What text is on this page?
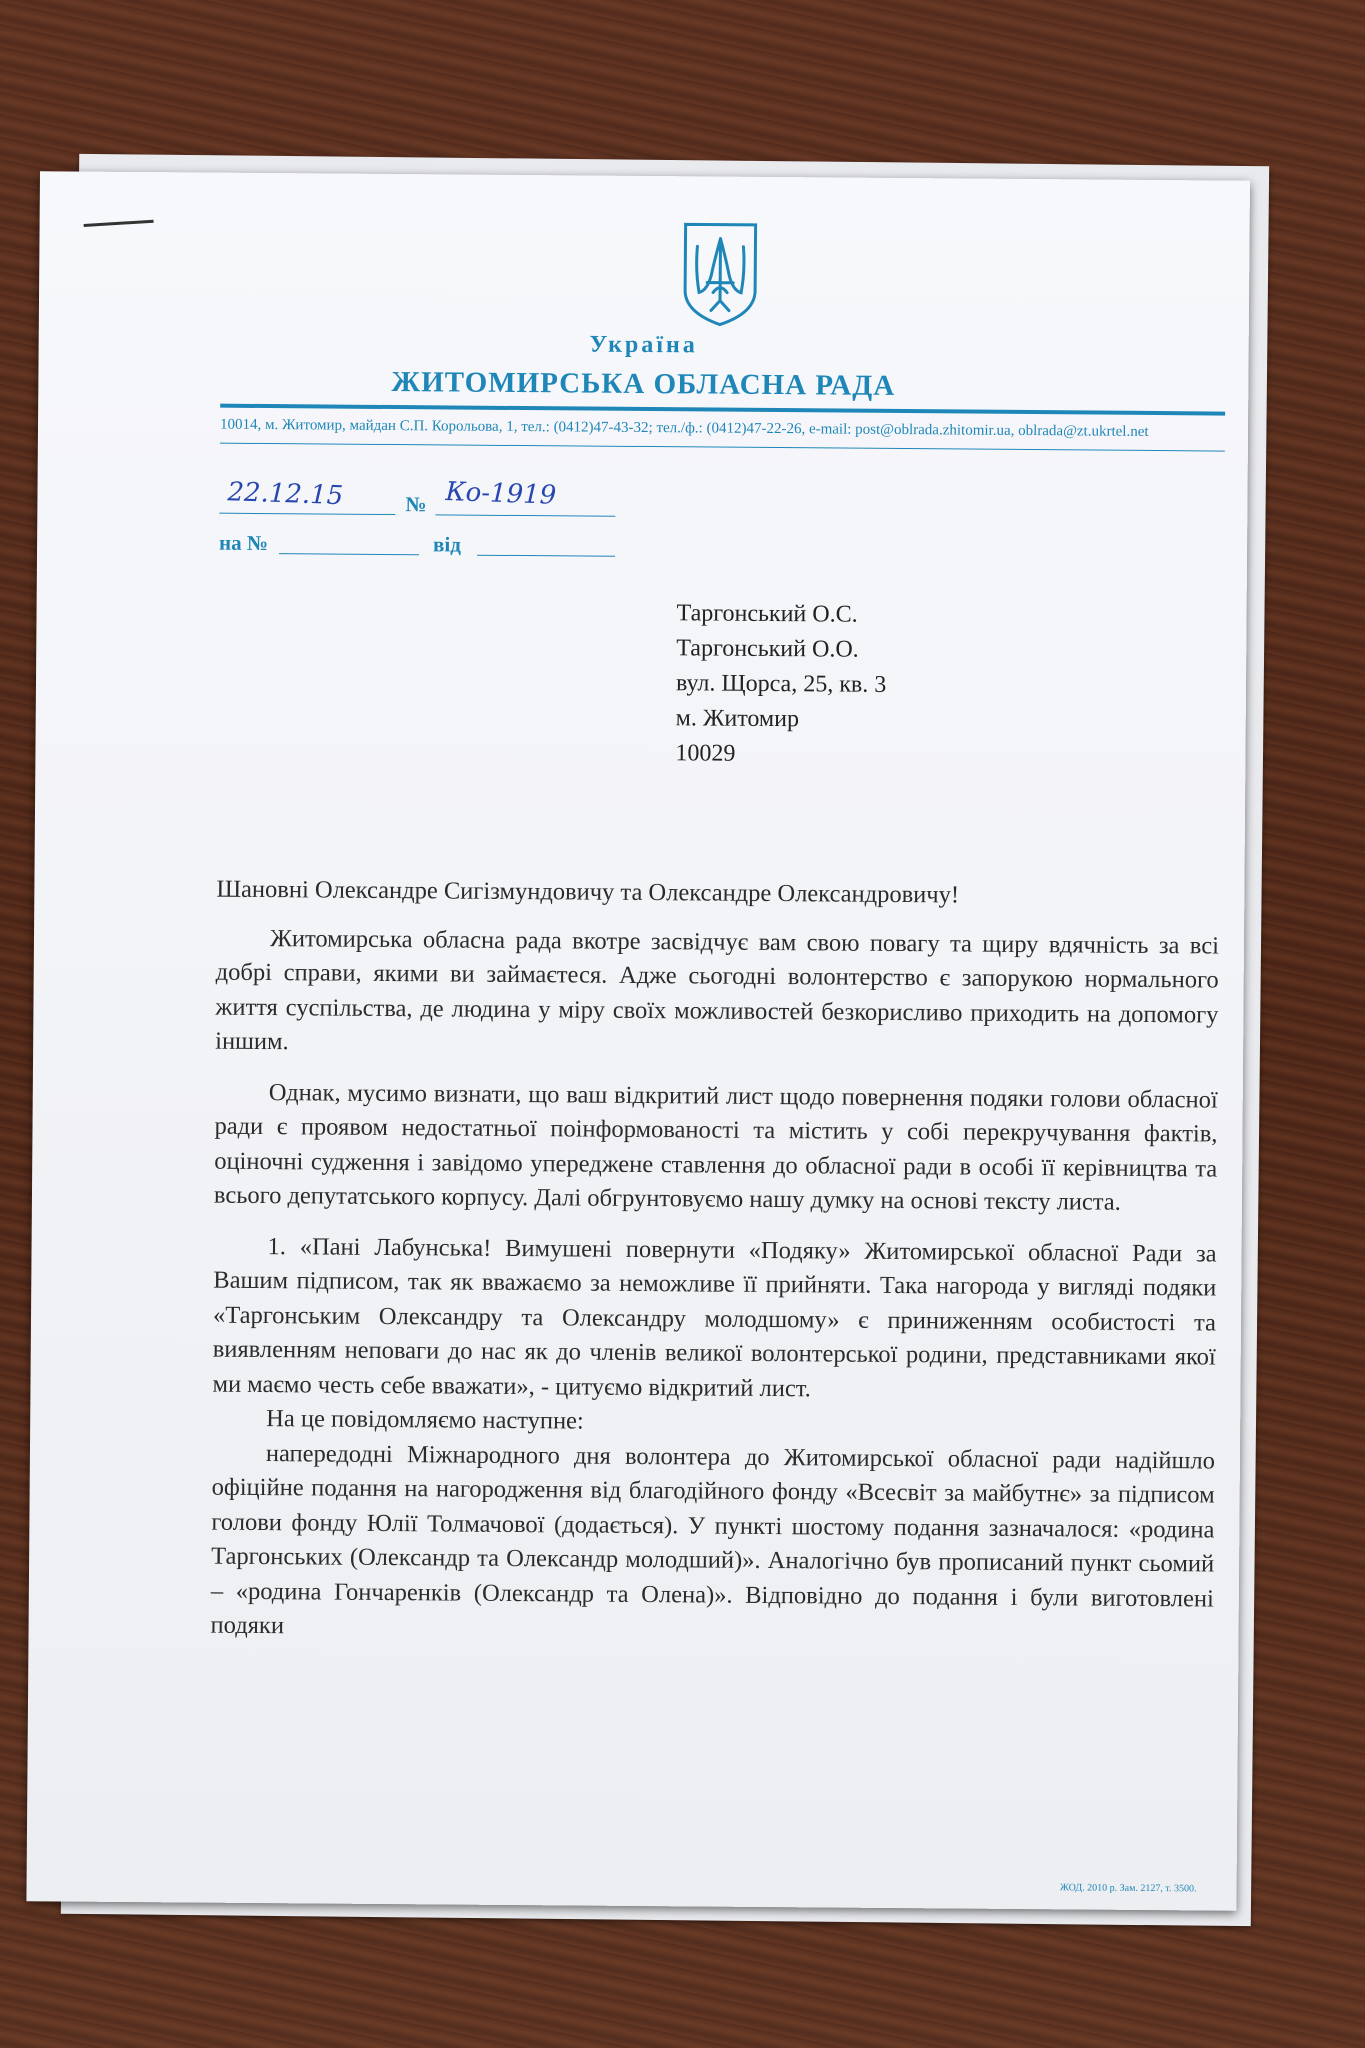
Україна
ЖИТОМИРСЬКА ОБЛАСНА РАДА
10014, м. Житомир, майдан С.П. Корольова, 1, тел.: (0412)47-43-32; тел./ф.: (0412)47-22-26, e-mail: post@oblrada.zhitomir.ua, oblrada@zt.ukrtel.net
22.12.15	№ Ко-1919
на №	від
Таргонський О.С.
Таргонський О.О.
вул. Щорса, 25, кв. 3
м. Житомир
10029

Шановні Олександре Сигізмундовичу та Олександре Олександровичу!

Житомирська обласна рада вкотре засвідчує вам свою повагу та щиру вдячність за всі добрі справи, якими ви займаєтеся. Адже сьогодні волонтерство є запорукою нормального життя суспільства, де людина у міру своїх можливостей безкорисливо приходить на допомогу іншим.

Однак, мусимо визнати, що ваш відкритий лист щодо повернення подяки голови обласної ради є проявом недостатньої поінформованості та містить у собі перекручування фактів, оціночні судження і завідомо упереджене ставлення до обласної ради в особі її керівництва та всього депутатського корпусу. Далі обгрунтовуємо нашу думку на основі тексту листа.

1. «Пані Лабунська! Вимушені повернути «Подяку» Житомирської обласної Ради за Вашим підписом, так як вважаємо за неможливе її прийняти. Така нагорода у вигляді подяки «Таргонським Олександру та Олександру молодшому» є приниженням особистості та виявленням неповаги до нас як до членів великої волонтерської родини, представниками якої ми маємо честь себе вважати», - цитуємо відкритий лист.

На це повідомляємо наступне:

напередодні Міжнародного дня волонтера до Житомирської обласної ради надійшло офіційне подання на нагородження від благодійного фонду «Всесвіт за майбутнє» за підписом голови фонду Юлії Толмачової (додається). У пункті шостому подання зазначалося: «родина Таргонських (Олександр та Олександр молодший)». Аналогічно був прописаний пункт сьомий – «родина Гончаренків (Олександр та Олена)». Відповідно до подання і були виготовлені подяки

ЖОД. 2010 р. Зам. 2127, т. 3500.
